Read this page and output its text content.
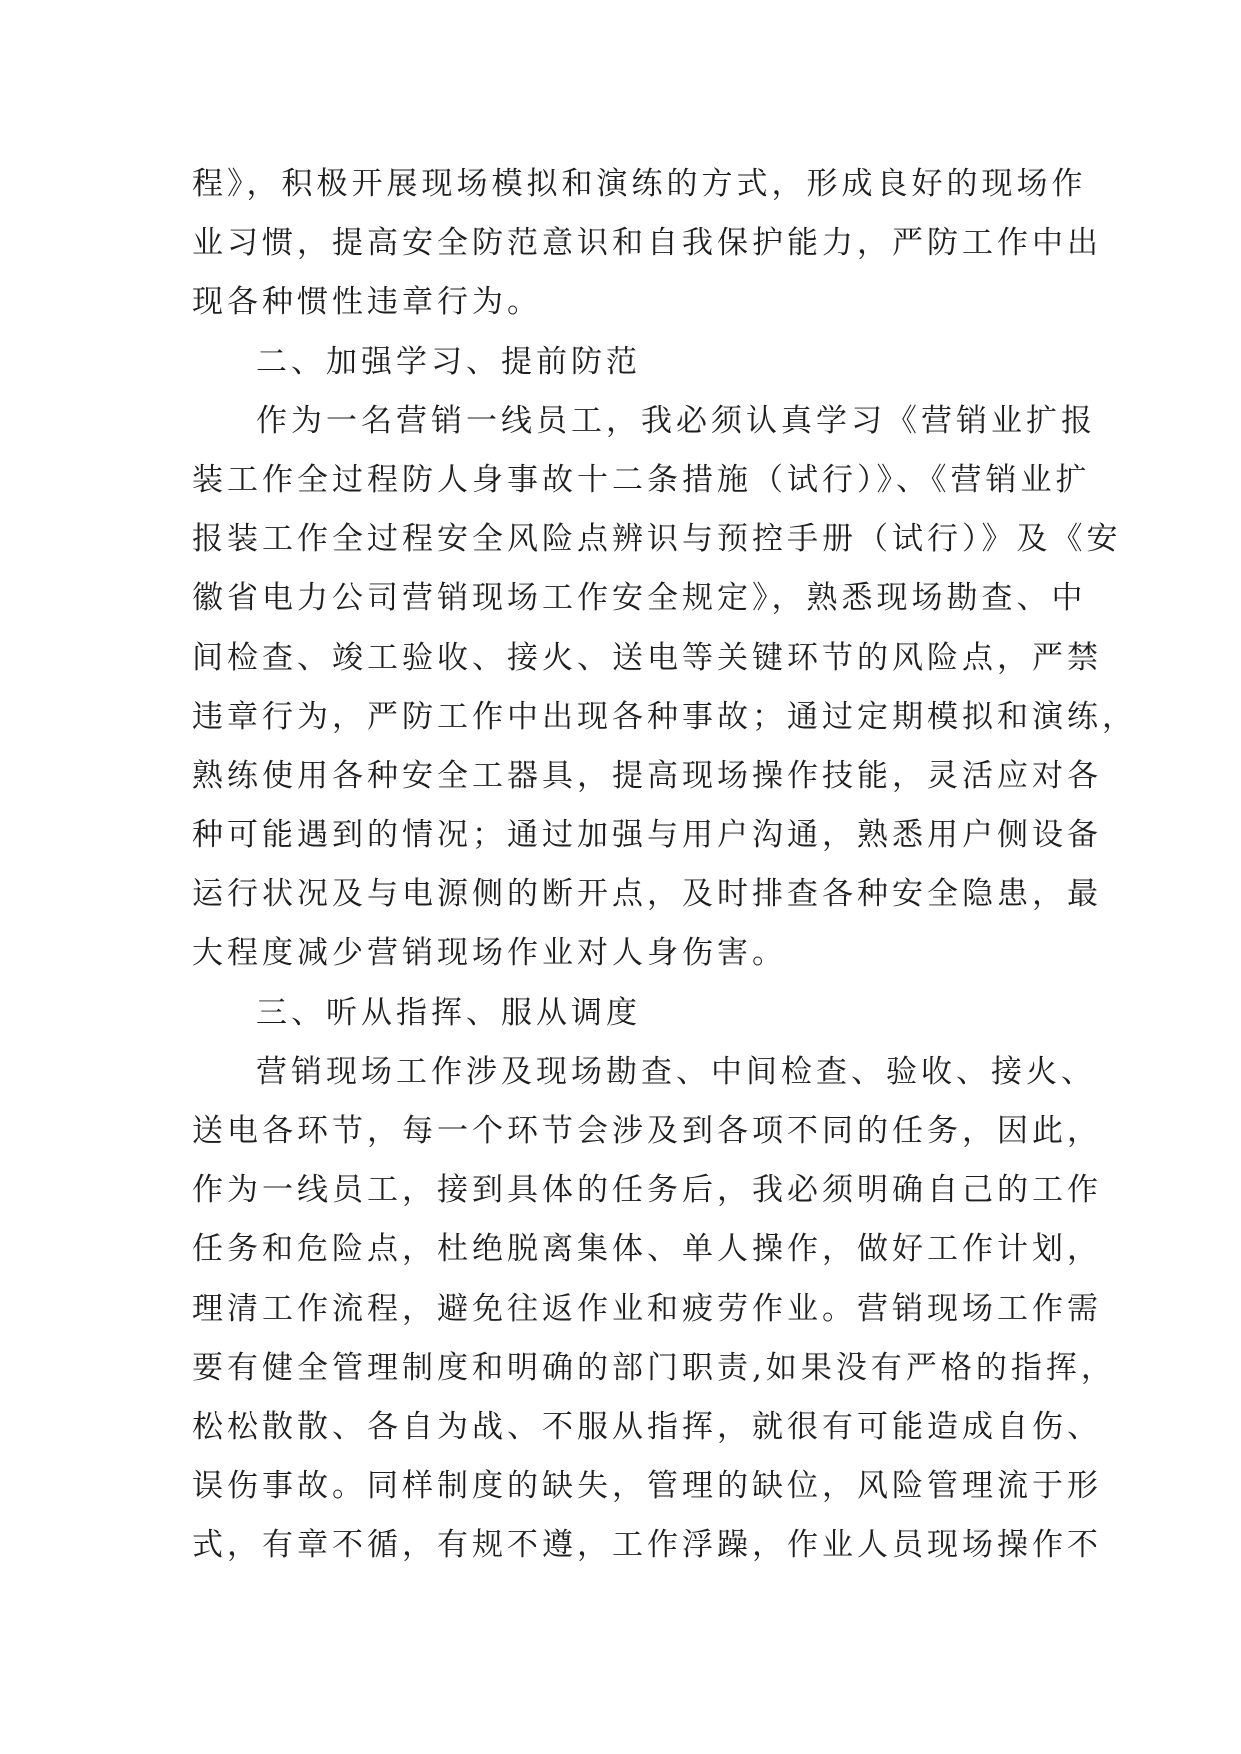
程》，积极开展现场模拟和演练的方式，形成良好的现场作
业习惯，提高安全防范意识和自我保护能力，严防工作中出
现各种惯性违章行为。
二、加强学习、提前防范
作为一名营销一线员工，我必须认真学习《营销业扩报
装工作全过程防人身事故十二条措施（试行）》、《营销业扩
报装工作全过程安全风险点辨识与预控手册（试行）》及《安
徽省电力公司营销现场工作安全规定》，熟悉现场勘查、中
间检查、竣工验收、接火、送电等关键环节的风险点，严禁
违章行为，严防工作中出现各种事故；通过定期模拟和演练，
熟练使用各种安全工器具，提高现场操作技能，灵活应对各
种可能遇到的情况；通过加强与用户沟通，熟悉用户侧设备
运行状况及与电源侧的断开点，及时排查各种安全隐患，最
大程度减少营销现场作业对人身伤害。
三、听从指挥、服从调度
营销现场工作涉及现场勘查、中间检查、验收、接火、
送电各环节，每一个环节会涉及到各项不同的任务，因此，
作为一线员工，接到具体的任务后，我必须明确自己的工作
任务和危险点，杜绝脱离集体、单人操作，做好工作计划，
理清工作流程，避免往返作业和疲劳作业。营销现场工作需
要有健全管理制度和明确的部门职责,如果没有严格的指挥，
松松散散、各自为战、不服从指挥，就很有可能造成自伤、
误伤事故。同样制度的缺失，管理的缺位，风险管理流于形
式，有章不循，有规不遵，工作浮躁，作业人员现场操作不
